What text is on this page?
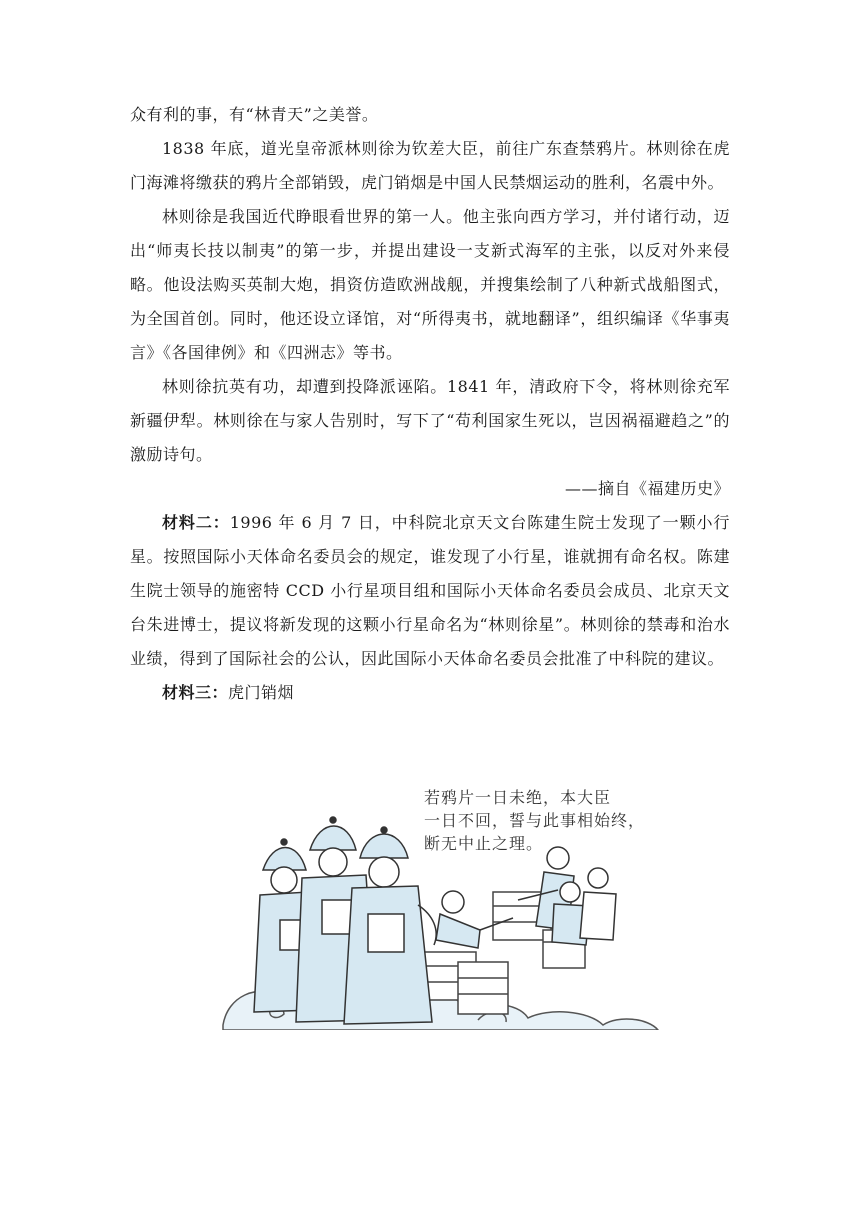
众有利的事，有“林青天”之美誉。

1838 年底，道光皇帝派林则徐为钦差大臣，前往广东查禁鸦片。林则徐在虎门海滩将缴获的鸦片全部销毁，虎门销烟是中国人民禁烟运动的胜利，名震中外。

林则徐是我国近代睁眼看世界的第一人。他主张向西方学习，并付诸行动，迈出“师夷长技以制夷”的第一步，并提出建设一支新式海军的主张，以反对外来侵略。他设法购买英制大炮，捐资仿造欧洲战舰，并搜集绘制了八种新式战船图式，为全国首创。同时，他还设立译馆，对“所得夷书，就地翻译”，组织编译《华事夷言》《各国律例》和《四洲志》等书。

林则徐抗英有功，却遭到投降派诬陷。1841 年，清政府下令，将林则徐充军新疆伊犁。林则徐在与家人告别时，写下了“苟利国家生死以，岂因祸福避趋之”的激励诗句。

——摘自《福建历史》

材料二：1996 年 6 月 7 日，中科院北京天文台陈建生院士发现了一颗小行星。按照国际小天体命名委员会的规定，谁发现了小行星，谁就拥有命名权。陈建生院士领导的施密特 CCD 小行星项目组和国际小天体命名委员会成员、北京天文台朱进博士，提议将新发现的这颗小行星命名为“林则徐星”。林则徐的禁毒和治水业绩，得到了国际社会的公认，因此国际小天体命名委员会批准了中科院的建议。

材料三：虎门销烟

若鸦片一日未绝，本大臣
一日不回，誓与此事相始终，
断无中止之理。
